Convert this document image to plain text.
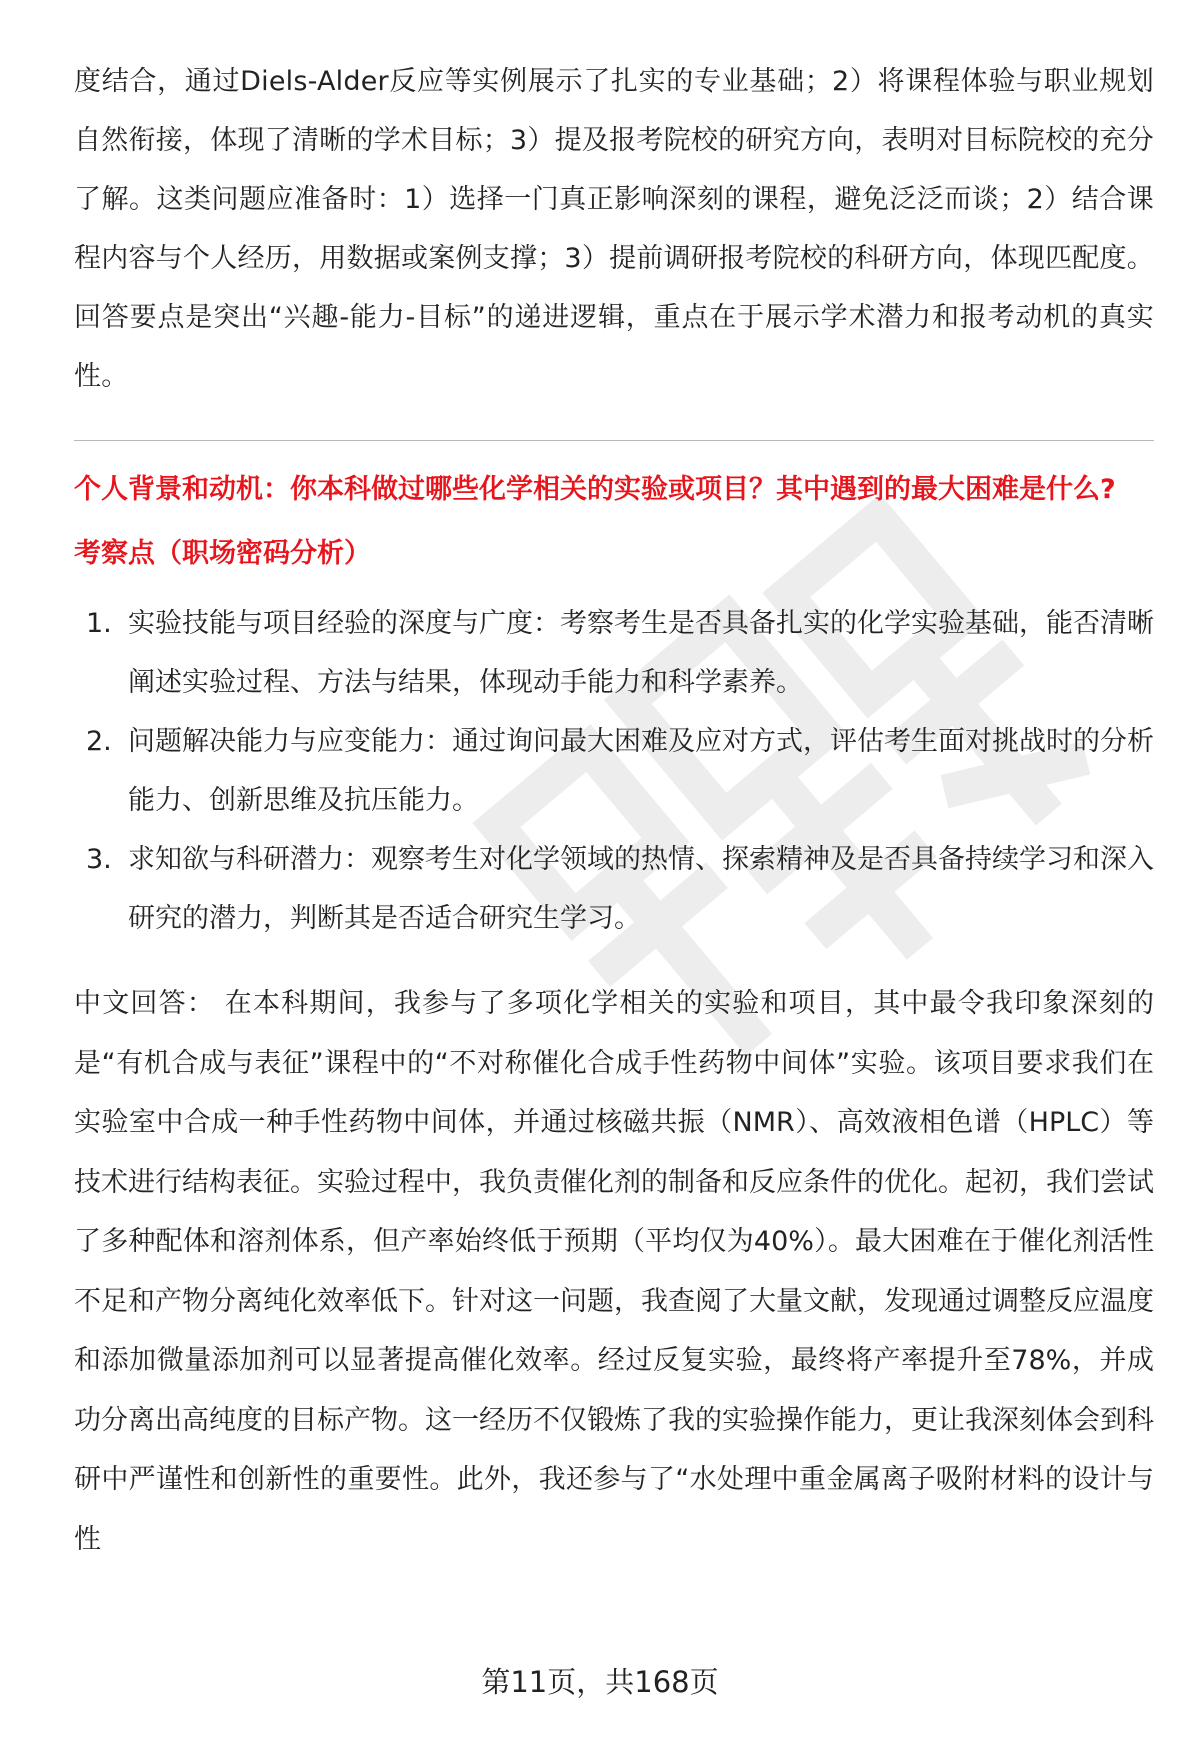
度结合，通过Diels-Alder反应等实例展示了扎实的专业基础；2）将课程体验与职业规划自然衔接，体现了清晰的学术目标；3）提及报考院校的研究方向，表明对目标院校的充分了解。这类问题应准备时：1）选择一门真正影响深刻的课程，避免泛泛而谈；2）结合课程内容与个人经历，用数据或案例支撑；3）提前调研报考院校的科研方向，体现匹配度。回答要点是突出“兴趣-能力-目标”的递进逻辑，重点在于展示学术潜力和报考动机的真实性。

个人背景和动机：你本科做过哪些化学相关的实验或项目？其中遇到的最大困难是什么?
考察点（职场密码分析）
1. 实验技能与项目经验的深度与广度：考察考生是否具备扎实的化学实验基础，能否清晰阐述实验过程、方法与结果，体现动手能力和科学素养。
2. 问题解决能力与应变能力：通过询问最大困难及应对方式，评估考生面对挑战时的分析能力、创新思维及抗压能力。
3. 求知欲与科研潜力：观察考生对化学领域的热情、探索精神及是否具备持续学习和深入研究的潜力，判断其是否适合研究生学习。

中文回答： 在本科期间，我参与了多项化学相关的实验和项目，其中最令我印象深刻的是“有机合成与表征”课程中的“不对称催化合成手性药物中间体”实验。该项目要求我们在实验室中合成一种手性药物中间体，并通过核磁共振（NMR）、高效液相色谱（HPLC）等技术进行结构表征。实验过程中，我负责催化剂的制备和反应条件的优化。起初，我们尝试了多种配体和溶剂体系，但产率始终低于预期（平均仅为40%）。最大困难在于催化剂活性不足和产物分离纯化效率低下。针对这一问题，我查阅了大量文献，发现通过调整反应温度和添加微量添加剂可以显著提高催化效率。经过反复实验，最终将产率提升至78%，并成功分离出高纯度的目标产物。这一经历不仅锻炼了我的实验操作能力，更让我深刻体会到科研中严谨性和创新性的重要性。此外，我还参与了“水处理中重金属离子吸附材料的设计与性

第11页，共168页
